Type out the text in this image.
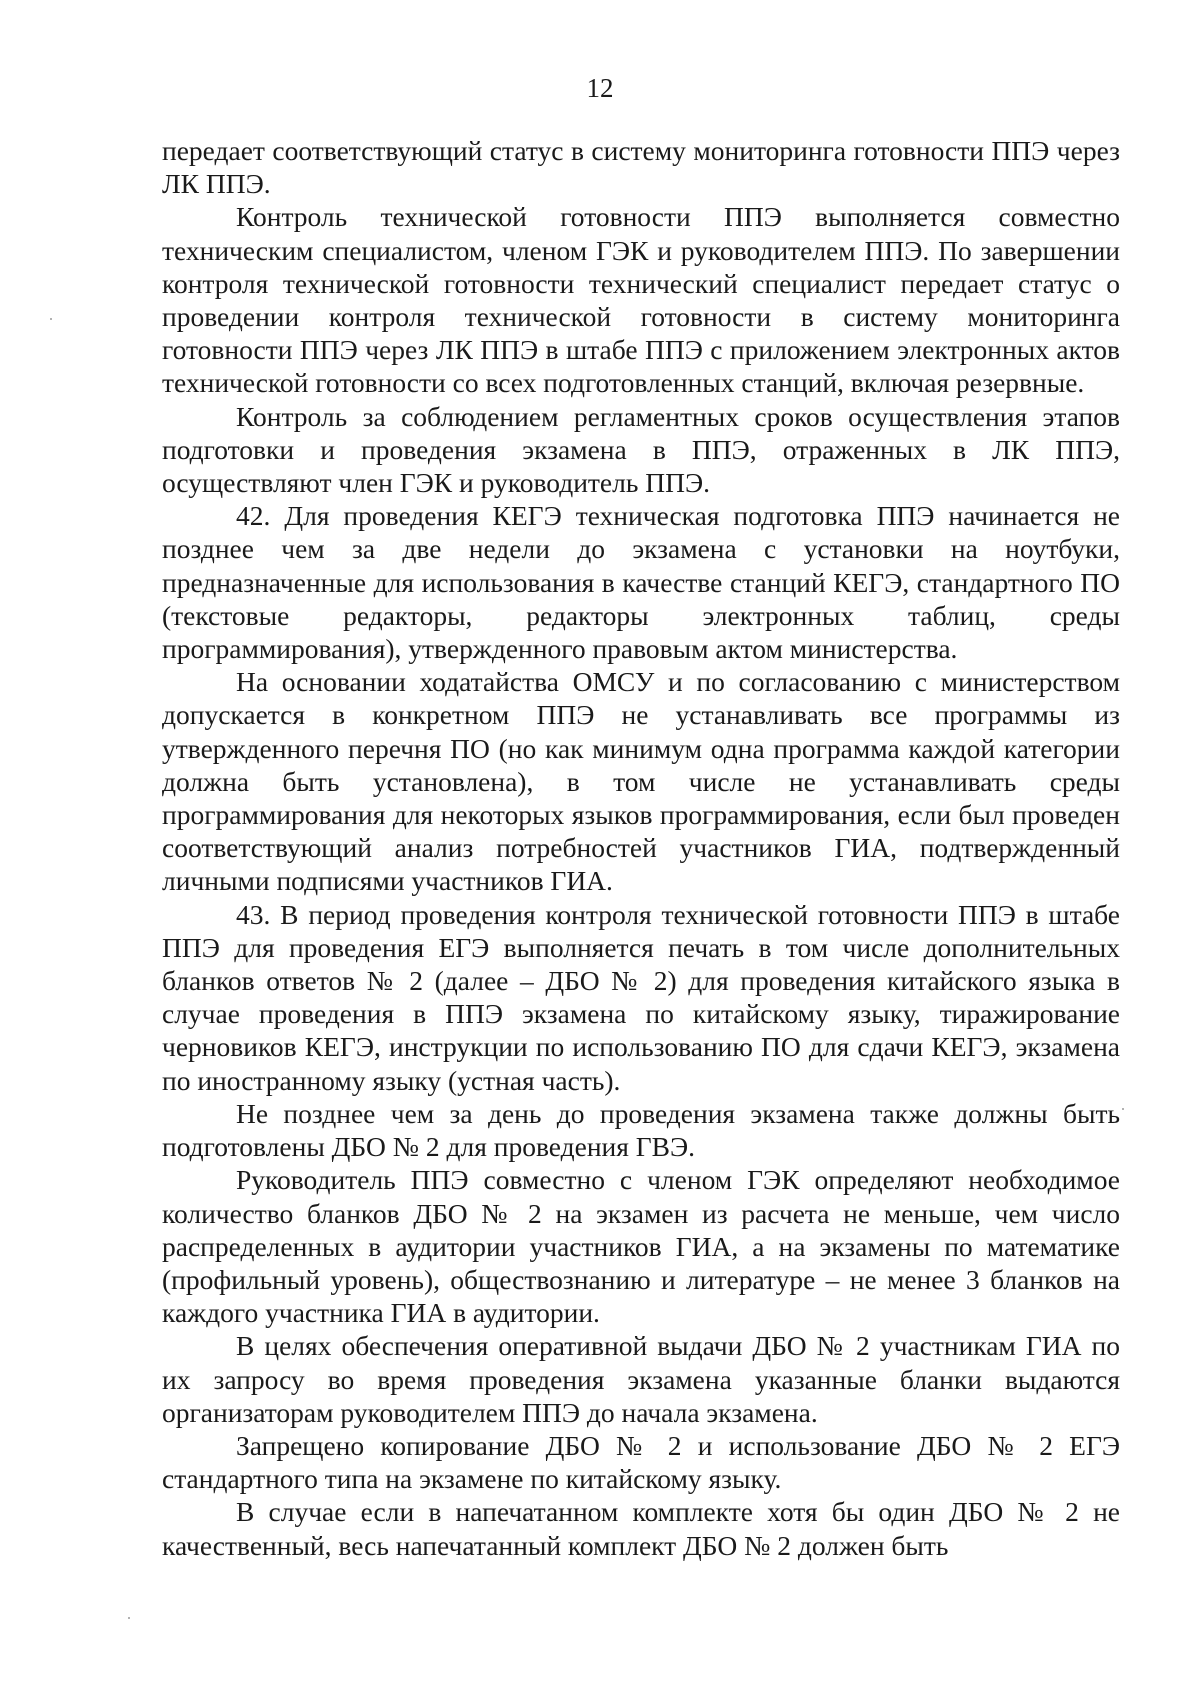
12

передает соответствующий статус в систему мониторинга готовности ППЭ через ЛК ППЭ.

Контроль технической готовности ППЭ выполняется совместно техническим специалистом, членом ГЭК и руководителем ППЭ. По завершении контроля технической готовности технический специалист передает статус о проведении контроля технической готовности в систему мониторинга готовности ППЭ через ЛК ППЭ в штабе ППЭ с приложением электронных актов технической готовности со всех подготовленных станций, включая резервные.

Контроль за соблюдением регламентных сроков осуществления этапов подготовки и проведения экзамена в ППЭ, отраженных в ЛК ППЭ, осуществляют член ГЭК и руководитель ППЭ.

42. Для проведения КЕГЭ техническая подготовка ППЭ начинается не позднее чем за две недели до экзамена с установки на ноутбуки, предназначенные для использования в качестве станций КЕГЭ, стандартного ПО (текстовые редакторы, редакторы электронных таблиц, среды программирования), утвержденного правовым актом министерства.

На основании ходатайства ОМСУ и по согласованию с министерством допускается в конкретном ППЭ не устанавливать все программы из утвержденного перечня ПО (но как минимум одна программа каждой категории должна быть установлена), в том числе не устанавливать среды программирования для некоторых языков программирования, если был проведен соответствующий анализ потребностей участников ГИА, подтвержденный личными подписями участников ГИА.

43. В период проведения контроля технической готовности ППЭ в штабе ППЭ для проведения ЕГЭ выполняется печать в том числе дополнительных бланков ответов № 2 (далее – ДБО № 2) для проведения китайского языка в случае проведения в ППЭ экзамена по китайскому языку, тиражирование черновиков КЕГЭ, инструкции по использованию ПО для сдачи КЕГЭ, экзамена по иностранному языку (устная часть).

Не позднее чем за день до проведения экзамена также должны быть подготовлены ДБО № 2 для проведения ГВЭ.

Руководитель ППЭ совместно с членом ГЭК определяют необходимое количество бланков ДБО № 2 на экзамен из расчета не меньше, чем число распределенных в аудитории участников ГИА, а на экзамены по математике (профильный уровень), обществознанию и литературе – не менее 3 бланков на каждого участника ГИА в аудитории.

В целях обеспечения оперативной выдачи ДБО № 2 участникам ГИА по их запросу во время проведения экзамена указанные бланки выдаются организаторам руководителем ППЭ до начала экзамена.

Запрещено копирование ДБО № 2 и использование ДБО № 2 ЕГЭ стандартного типа на экзамене по китайскому языку.

В случае если в напечатанном комплекте хотя бы один ДБО № 2 не качественный, весь напечатанный комплект ДБО № 2 должен быть
